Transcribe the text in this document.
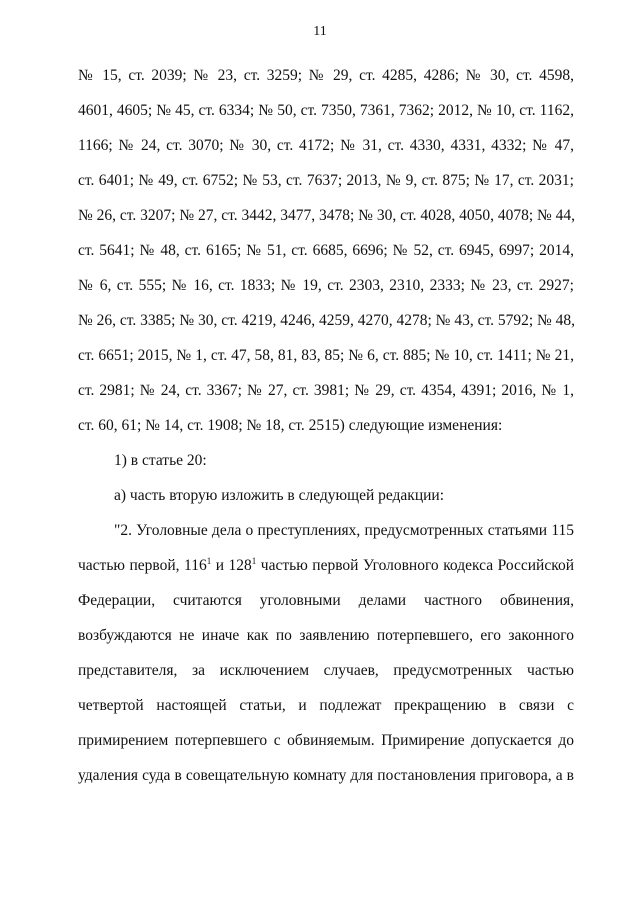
11
№ 15, ст. 2039; № 23, ст. 3259; № 29, ст. 4285, 4286; № 30, ст. 4598,
4601, 4605; № 45, ст. 6334; № 50, ст. 7350, 7361, 7362; 2012, № 10, ст. 1162,
1166; № 24, ст. 3070; № 30, ст. 4172; № 31, ст. 4330, 4331, 4332; № 47,
ст. 6401; № 49, ст. 6752; № 53, ст. 7637; 2013, № 9, ст. 875; № 17, ст. 2031;
№ 26, ст. 3207; № 27, ст. 3442, 3477, 3478; № 30, ст. 4028, 4050, 4078; № 44,
ст. 5641; № 48, ст. 6165; № 51, ст. 6685, 6696; № 52, ст. 6945, 6997; 2014,
№ 6, ст. 555; № 16, ст. 1833; № 19, ст. 2303, 2310, 2333; № 23, ст. 2927;
№ 26, ст. 3385; № 30, ст. 4219, 4246, 4259, 4270, 4278; № 43, ст. 5792; № 48,
ст. 6651; 2015, № 1, ст. 47, 58, 81, 83, 85; № 6, ст. 885; № 10, ст. 1411; № 21,
ст. 2981; № 24, ст. 3367; № 27, ст. 3981; № 29, ст. 4354, 4391; 2016, № 1,
ст. 60, 61; № 14, ст. 1908; № 18, ст. 2515) следующие изменения:
1) в статье 20:
а) часть вторую изложить в следующей редакции:
"2. Уголовные дела о преступлениях, предусмотренных статьями 115
частью первой, $116^1$ и $128^1$ частью первой Уголовного кодекса Российской
Федерации, считаются уголовными делами частного обвинения,
возбуждаются не иначе как по заявлению потерпевшего, его законного
представителя, за исключением случаев, предусмотренных частью
четвертой настоящей статьи, и подлежат прекращению в связи с
примирением потерпевшего с обвиняемым. Примирение допускается до
удаления суда в совещательную комнату для постановления приговора, а в
